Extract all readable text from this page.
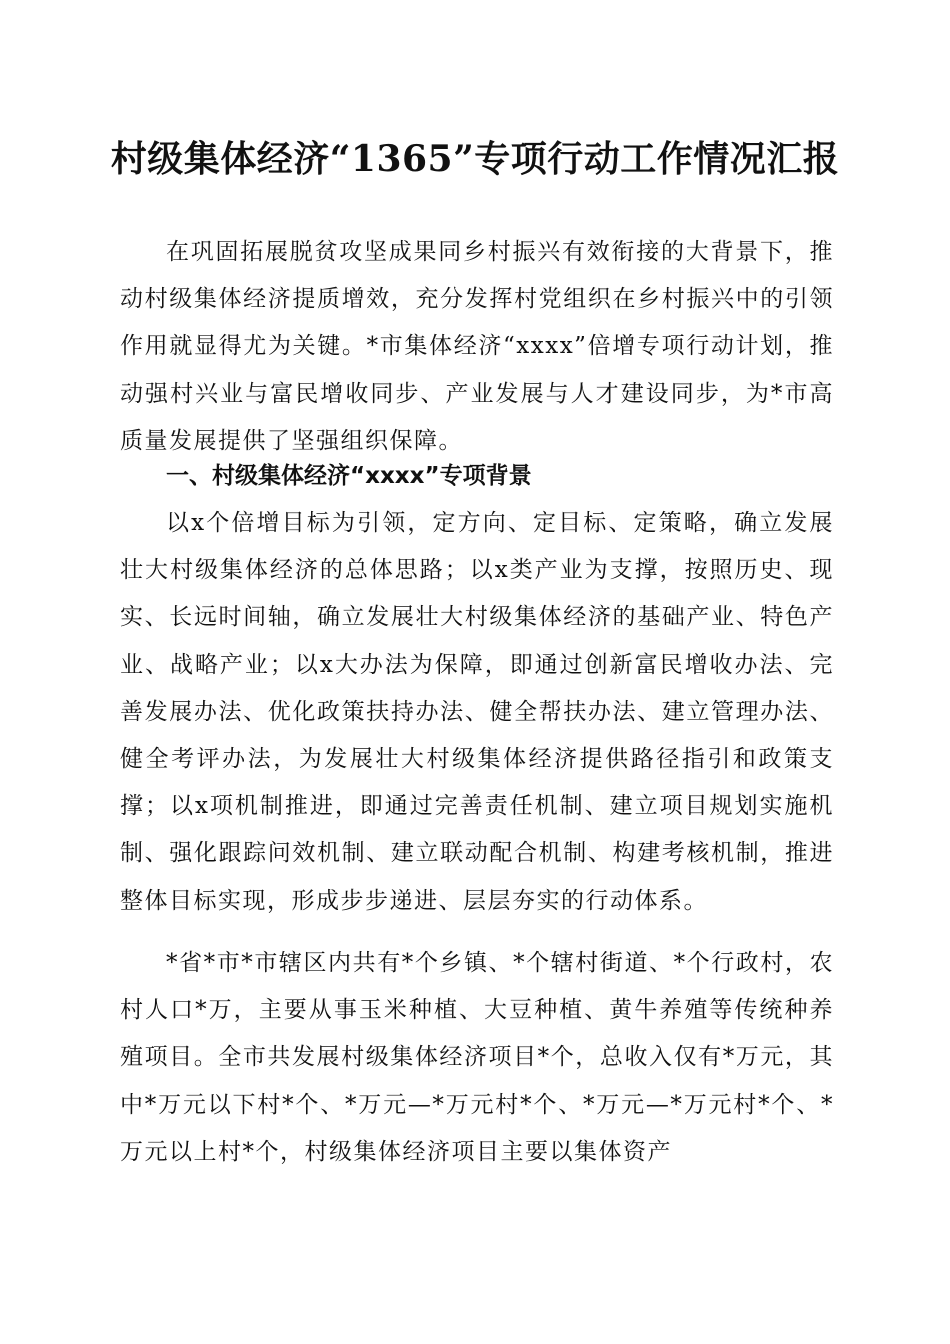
村级集体经济“1365”专项行动工作情况汇报

在巩固拓展脱贫攻坚成果同乡村振兴有效衔接的大背景下，推动村级集体经济提质增效，充分发挥村党组织在乡村振兴中的引领作用就显得尤为关键。*市集体经济“xxxx”倍增专项行动计划，推动强村兴业与富民增收同步、产业发展与人才建设同步，为*市高质量发展提供了坚强组织保障。

一、村级集体经济“xxxx”专项背景

以x个倍增目标为引领，定方向、定目标、定策略，确立发展壮大村级集体经济的总体思路；以x类产业为支撑，按照历史、现实、长远时间轴，确立发展壮大村级集体经济的基础产业、特色产业、战略产业；以x大办法为保障，即通过创新富民增收办法、完善发展办法、优化政策扶持办法、健全帮扶办法、建立管理办法、健全考评办法，为发展壮大村级集体经济提供路径指引和政策支撑；以x项机制推进，即通过完善责任机制、建立项目规划实施机制、强化跟踪问效机制、建立联动配合机制、构建考核机制，推进整体目标实现，形成步步递进、层层夯实的行动体系。

*省*市*市辖区内共有*个乡镇、*个辖村街道、*个行政村，农村人口*万，主要从事玉米种植、大豆种植、黄牛养殖等传统种养殖项目。全市共发展村级集体经济项目*个，总收入仅有*万元，其中*万元以下村*个、*万元—*万元村*个、*万元—*万元村*个、*万元以上村*个，村级集体经济项目主要以集体资产
